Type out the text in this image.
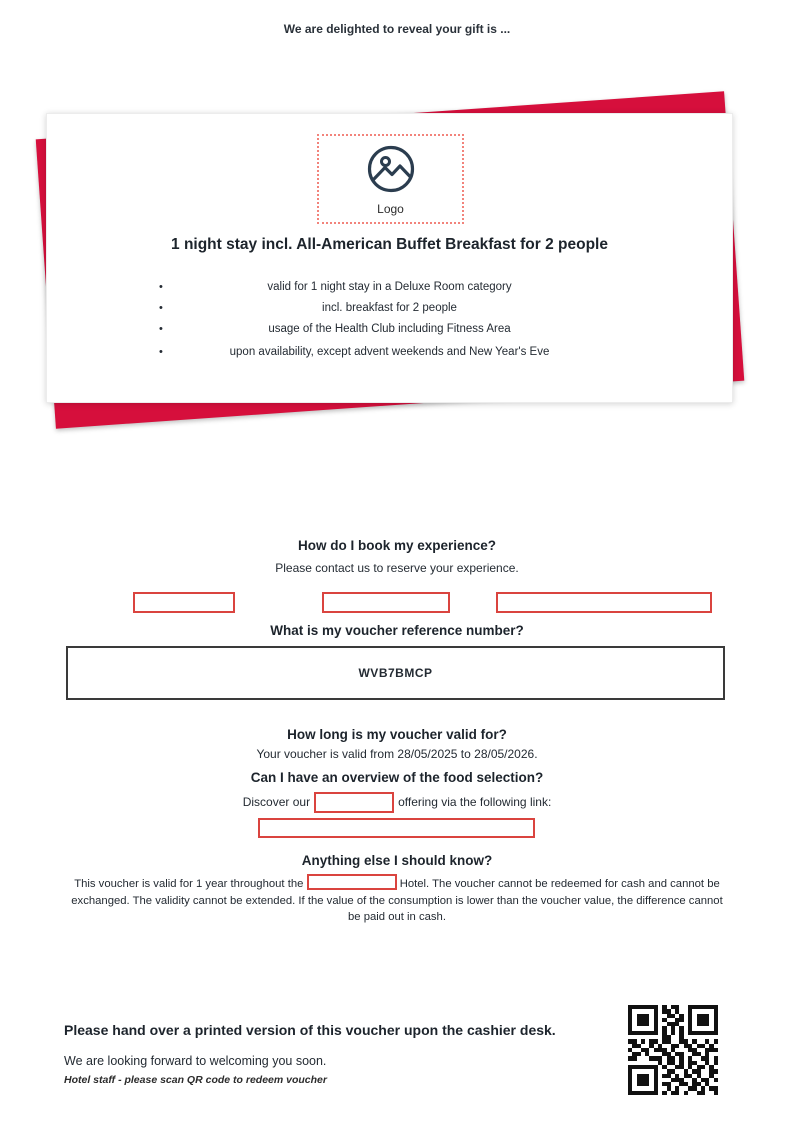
We are delighted to reveal your gift is ...
Logo
1 night stay incl. All-American Buffet Breakfast for 2 people
• valid for 1 night stay in a Deluxe Room category
• incl. breakfast for 2 people
• usage of the Health Club including Fitness Area
• upon availability, except advent weekends and New Year's Eve
How do I book my experience?
Please contact us to reserve your experience.
What is my voucher reference number?
WVB7BMCP
How long is my voucher valid for?
Your voucher is valid from 28/05/2025 to 28/05/2026.
Can I have an overview of the food selection?
Discover our	offering via the following link:
Anything else I should know?
This voucher is valid for 1 year throughout the	Hotel. The voucher cannot be redeemed for cash and cannot be exchanged. The validity cannot be extended. If the value of the consumption is lower than the voucher value, the difference cannot be paid out in cash.
Please hand over a printed version of this voucher upon the cashier desk.
We are looking forward to welcoming you soon.
Hotel staff - please scan QR code to redeem voucher
